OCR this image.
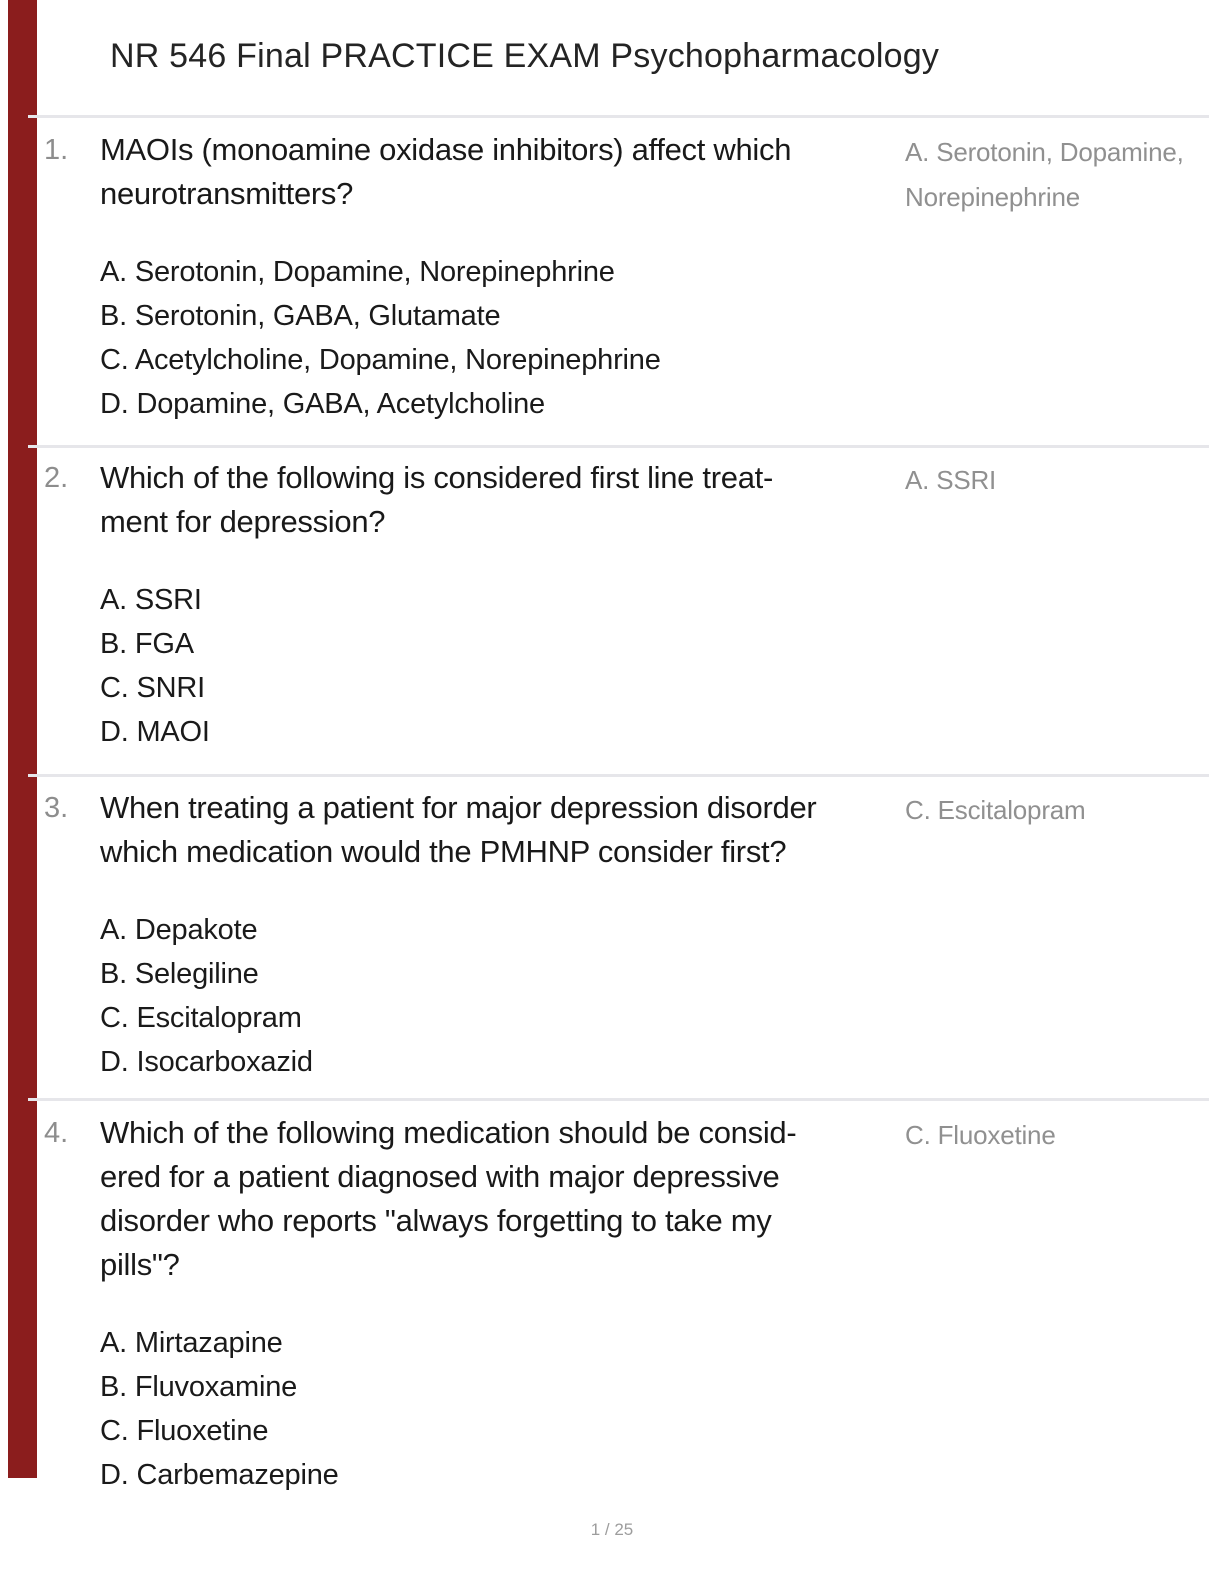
NR 546 Final PRACTICE EXAM Psychopharmacology
1. MAOIs (monoamine oxidase inhibitors) affect which
neurotransmitters?
A. Serotonin, Dopamine,
Norepinephrine
A. Serotonin, Dopamine, Norepinephrine
B. Serotonin, GABA, Glutamate
C. Acetylcholine, Dopamine, Norepinephrine
D. Dopamine, GABA, Acetylcholine
2. Which of the following is considered first line treat-
ment for depression?
A. SSRI
A. SSRI
B. FGA
C. SNRI
D. MAOI
3. When treating a patient for major depression disorder
which medication would the PMHNP consider first?
C. Escitalopram
A. Depakote
B. Selegiline
C. Escitalopram
D. Isocarboxazid
4. Which of the following medication should be consid-
ered for a patient diagnosed with major depressive
disorder who reports "always forgetting to take my
pills"?
C. Fluoxetine
A. Mirtazapine
B. Fluvoxamine
C. Fluoxetine
D. Carbemazepine
1 / 25
